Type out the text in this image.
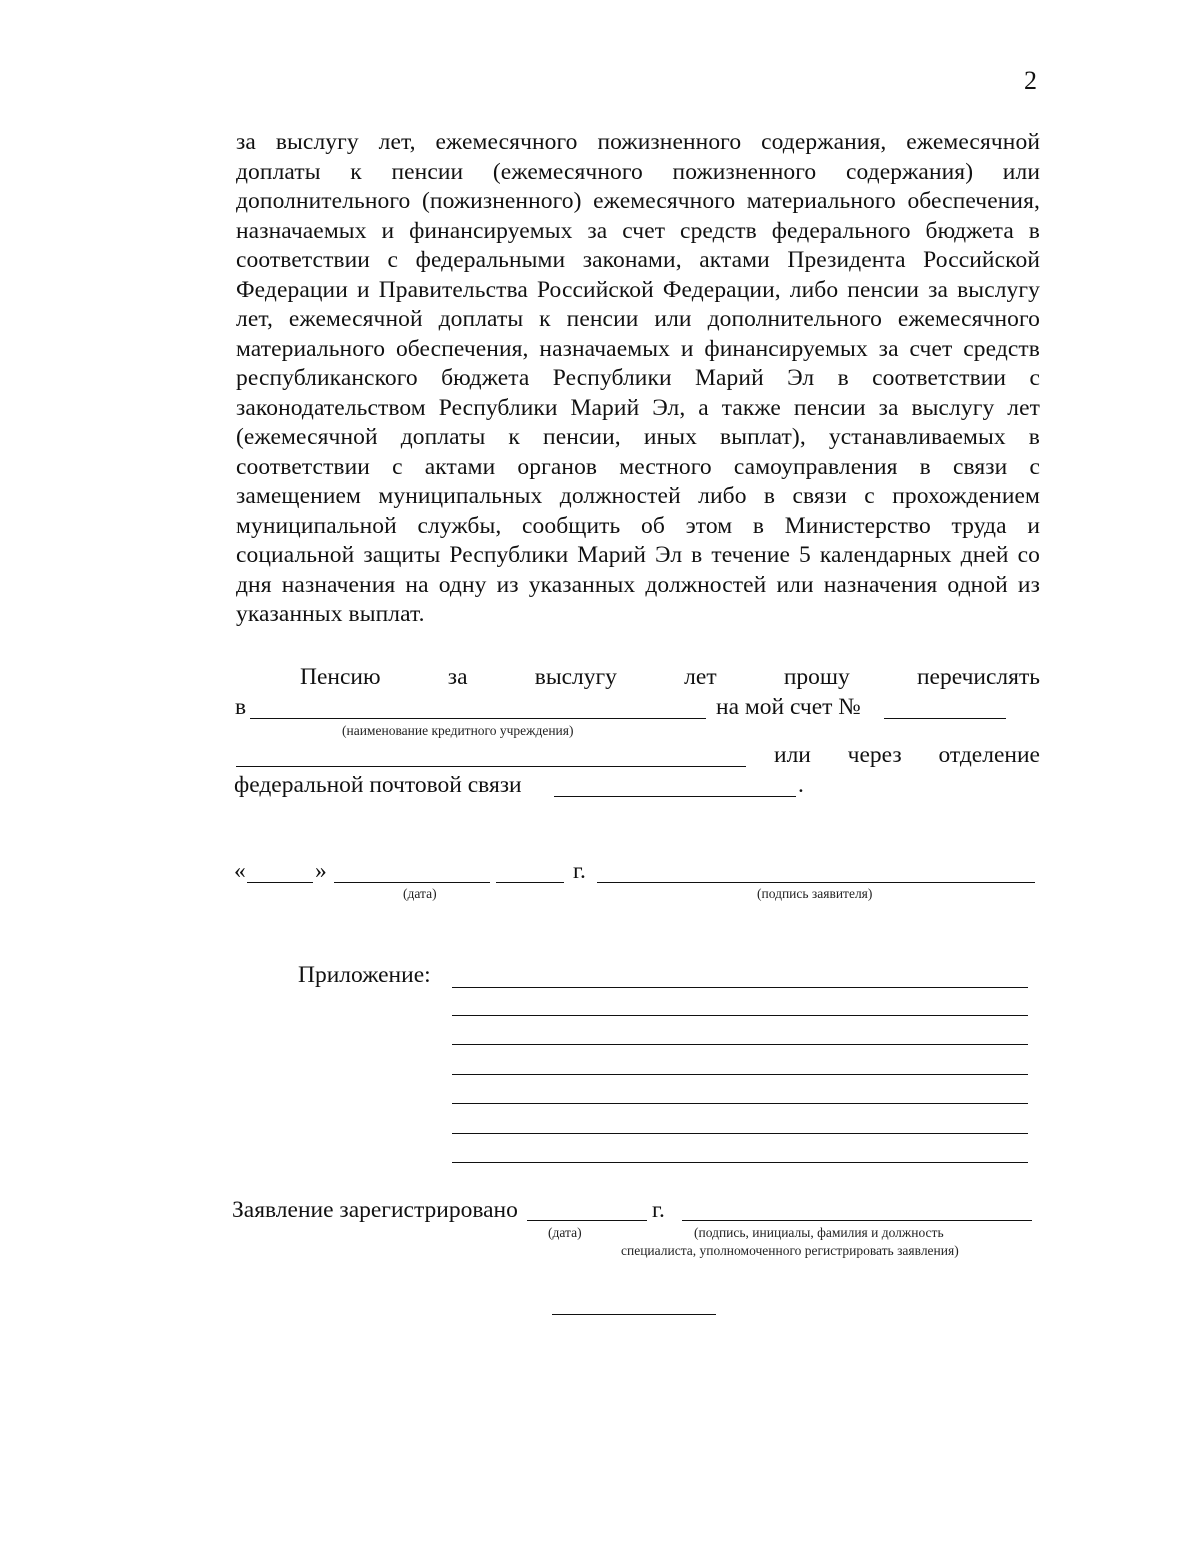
2
за выслугу лет, ежемесячного пожизненного содержания, ежемесячной доплаты к пенсии (ежемесячного пожизненного содержания) или дополнительного (пожизненного) ежемесячного материального обеспечения, назначаемых и финансируемых за счет средств федерального бюджета в соответствии с федеральными законами, актами Президента Российской Федерации и Правительства Российской Федерации, либо пенсии за выслугу лет, ежемесячной доплаты к пенсии или дополнительного ежемесячного материального обеспечения, назначаемых и финансируемых за счет средств республиканского бюджета Республики Марий Эл в соответствии с законодательством Республики Марий Эл, а также пенсии за выслугу лет (ежемесячной доплаты к пенсии, иных выплат), устанавливаемых в соответствии с актами органов местного самоуправления в связи с замещением муниципальных должностей либо в связи с прохождением муниципальной службы, сообщить об этом в Министерство труда и социальной защиты Республики Марий Эл в течение 5 календарных дней со дня назначения на одну из указанных должностей или назначения одной из указанных выплат.
Пенсию	за	выслугу	лет	прошу	перечислять
в	на мой счет №
(наименование кредитного учреждения)
или через отделение
федеральной почтовой связи	.
«	»	г.
(дата)	(подпись заявителя)
Приложение:
Заявление зарегистрировано	г.
(дата)	(подпись, инициалы, фамилия и должность
специалиста, уполномоченного регистрировать заявления)
